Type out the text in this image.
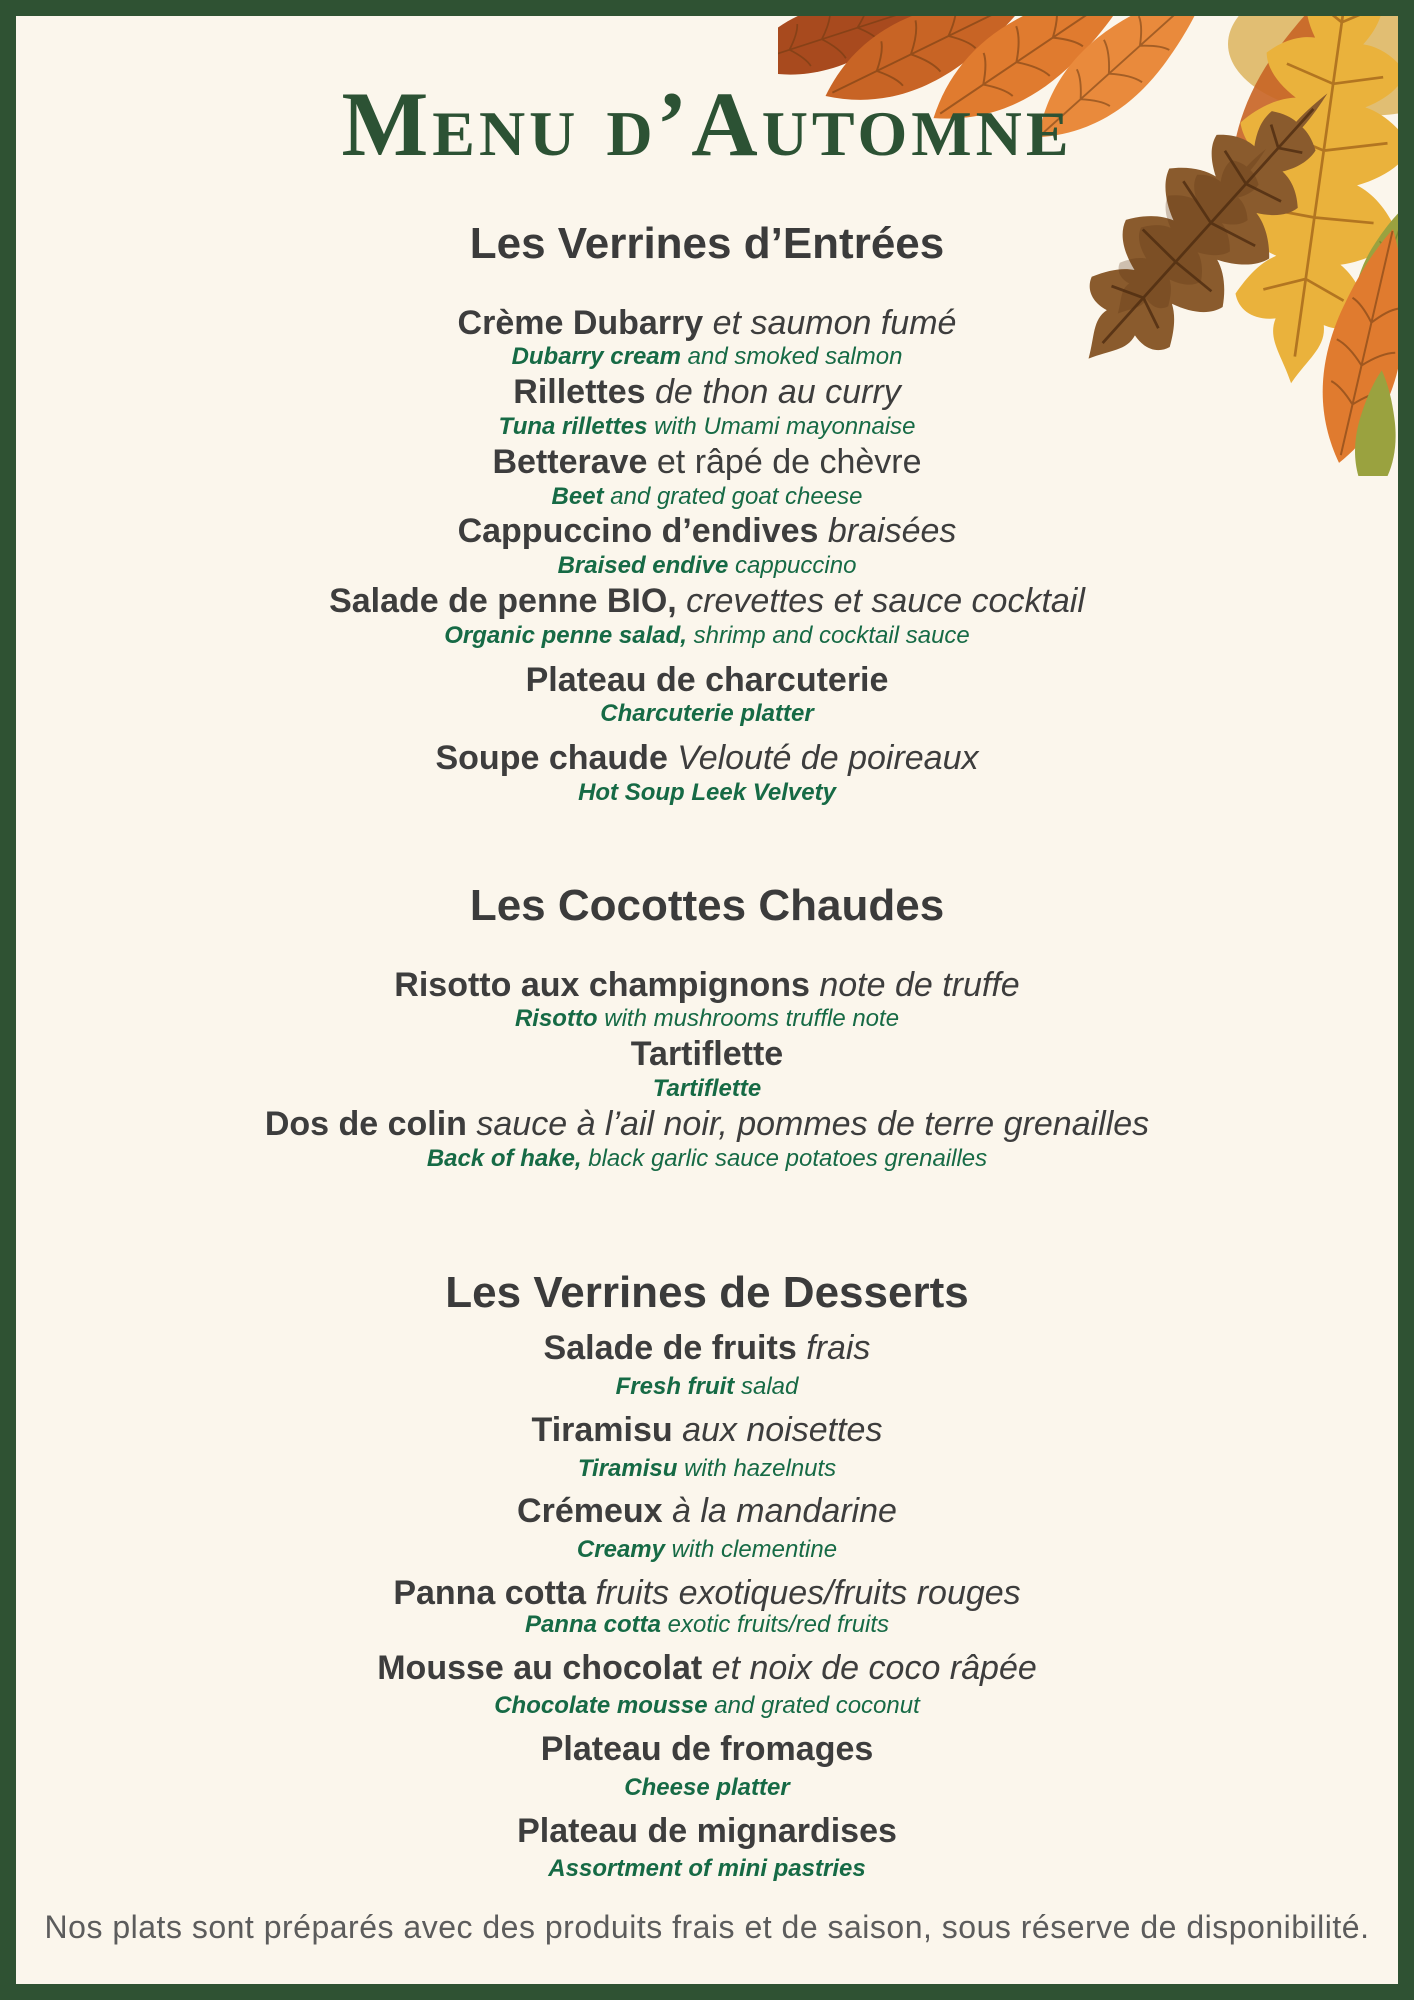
Menu d’Automne
Les Verrines d’Entrées
Crème Dubarry et saumon fumé
Dubarry cream and smoked salmon
Rillettes de thon au curry
Tuna rillettes with Umami mayonnaise
Betterave et râpé de chèvre
Beet and grated goat cheese
Cappuccino d’endives braisées
Braised endive cappuccino
Salade de penne BIO, crevettes et sauce cocktail
Organic penne salad, shrimp and cocktail sauce
Plateau de charcuterie
Charcuterie platter
Soupe chaude Velouté de poireaux
Hot Soup Leek Velvety
Les Cocottes Chaudes
Risotto aux champignons note de truffe
Risotto with mushrooms truffle note
Tartiflette
Tartiflette
Dos de colin sauce à l’ail noir, pommes de terre grenailles
Back of hake, black garlic sauce potatoes grenailles
Les Verrines de Desserts
Salade de fruits frais
Fresh fruit salad
Tiramisu aux noisettes
Tiramisu with hazelnuts
Crémeux à la mandarine
Creamy with clementine
Panna cotta fruits exotiques/fruits rouges
Panna cotta exotic fruits/red fruits
Mousse au chocolat et noix de coco râpée
Chocolate mousse and grated coconut
Plateau de fromages
Cheese platter
Plateau de mignardises
Assortment of mini pastries
Nos plats sont préparés avec des produits frais et de saison, sous réserve de disponibilité.
